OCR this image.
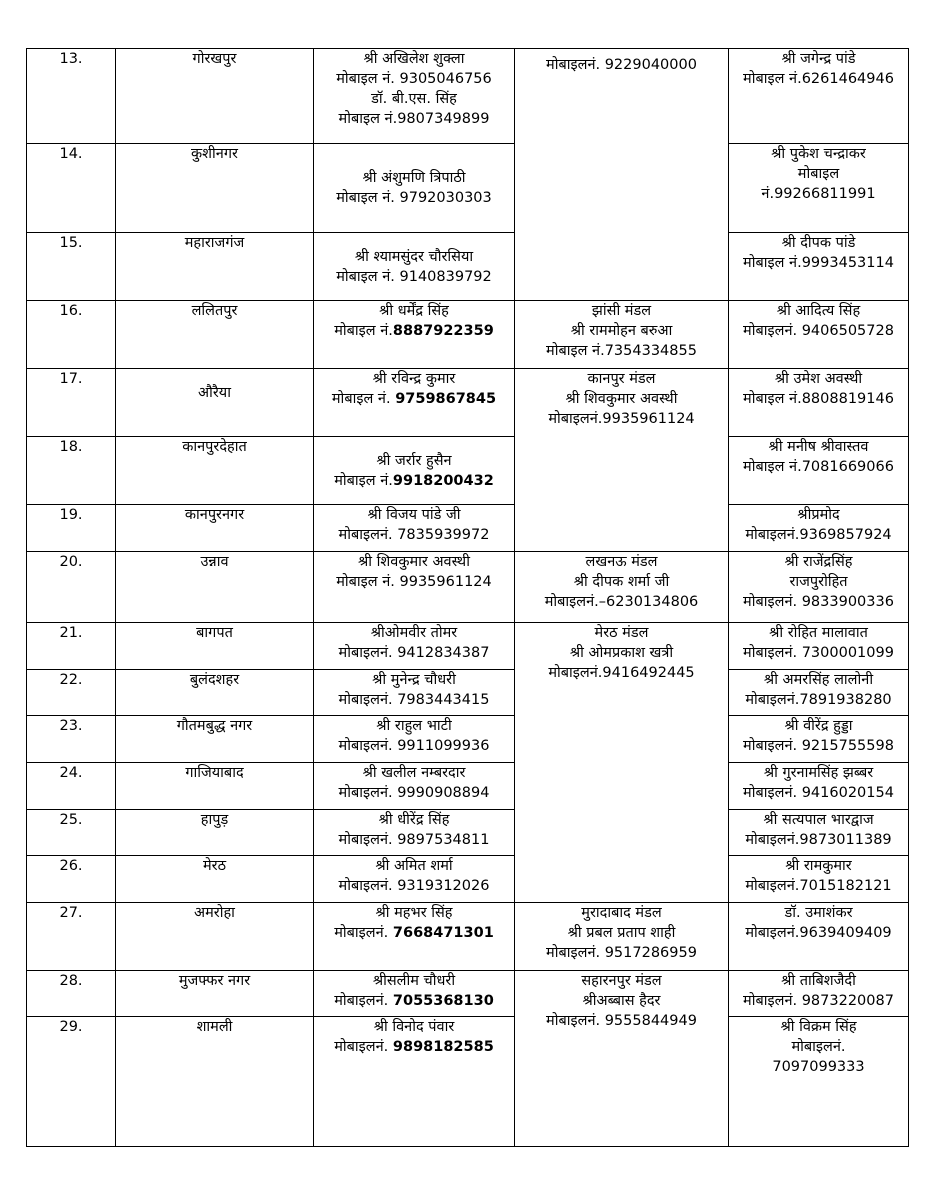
13.	गोरखपुर	श्री अखिलेश शुक्ला
मोबाइल नं. 9305046756
डॉ. बी.एस. सिंह
मोबाइल नं.9807349899	मोबाइलनं. 9229040000	श्री जगेन्द्र पांडे
मोबाइल नं.6261464946

14.	कुशीनगर	श्री अंशुमणि त्रिपाठी
मोबाइल नं. 9792030303		श्री पुकेश चन्द्राकर
मोबाइल
नं.99266811991

15.	महाराजगंज	श्री श्यामसुंदर चौरसिया
मोबाइल नं. 9140839792		श्री दीपक पांडे
मोबाइल नं.9993453114

16.	ललितपुर	श्री धर्मेंद्र सिंह
मोबाइल नं.8887922359	झांसी मंडल
श्री राममोहन बरुआ
मोबाइल नं.7354334855	श्री आदित्य सिंह
मोबाइलनं. 9406505728

17.	औरैया	श्री रविन्द्र कुमार
मोबाइल नं. 9759867845	कानपुर मंडल
श्री शिवकुमार अवस्थी
मोबाइलनं.9935961124	श्री उमेश अवस्थी
मोबाइल नं.8808819146

18.	कानपुरदेहात	श्री जर्रार हुसैन
मोबाइल नं.9918200432		श्री मनीष श्रीवास्तव
मोबाइल नं.7081669066

19.	कानपुरनगर	श्री विजय पांडे जी
मोबाइलनं. 7835939972		श्रीप्रमोद
मोबाइलनं.9369857924

20.	उन्नाव	श्री शिवकुमार अवस्थी
मोबाइल नं. 9935961124	लखनऊ मंडल
श्री दीपक शर्मा जी
मोबाइलनं.–6230134806	श्री राजेंद्रसिंह
राजपुरोहित
मोबाइलनं. 9833900336

21.	बागपत	श्रीओमवीर तोमर
मोबाइलनं. 9412834387	मेरठ मंडल
श्री ओमप्रकाश खत्री
मोबाइलनं.9416492445	श्री रोहित मालावात
मोबाइलनं. 7300001099

22.	बुलंदशहर	श्री मुनेन्द्र चौधरी
मोबाइलनं. 7983443415		श्री अमरसिंह लालोनी
मोबाइलनं.7891938280

23.	गौतमबुद्ध नगर	श्री राहुल भाटी
मोबाइलनं. 9911099936		श्री वीरेंद्र हुड्डा
मोबाइलनं. 9215755598

24.	गाजियाबाद	श्री खलील नम्बरदार
मोबाइलनं. 9990908894		श्री गुरनामसिंह झब्बर
मोबाइलनं. 9416020154

25.	हापुड़	श्री धीरेंद्र सिंह
मोबाइलनं. 9897534811		श्री सत्यपाल भारद्वाज
मोबाइलनं.9873011389

26.	मेरठ	श्री अमित शर्मा
मोबाइलनं. 9319312026		श्री रामकुमार
मोबाइलनं.7015182121

27.	अमरोहा	श्री महभर सिंह
मोबाइलनं. 7668471301	मुरादाबाद मंडल
श्री प्रबल प्रताप शाही
मोबाइलनं. 9517286959	डॉ. उमाशंकर
मोबाइलनं.9639409409

28.	मुजफ्फर नगर	श्रीसलीम चौधरी
मोबाइलनं. 7055368130	सहारनपुर मंडल
श्रीअब्बास हैदर
मोबाइलनं. 9555844949	श्री ताबिशजैदी
मोबाइलनं. 9873220087

29.	शामली	श्री विनोद पंवार
मोबाइलनं. 9898182585		श्री विक्रम सिंह
मोबाइलनं.
7097099333
